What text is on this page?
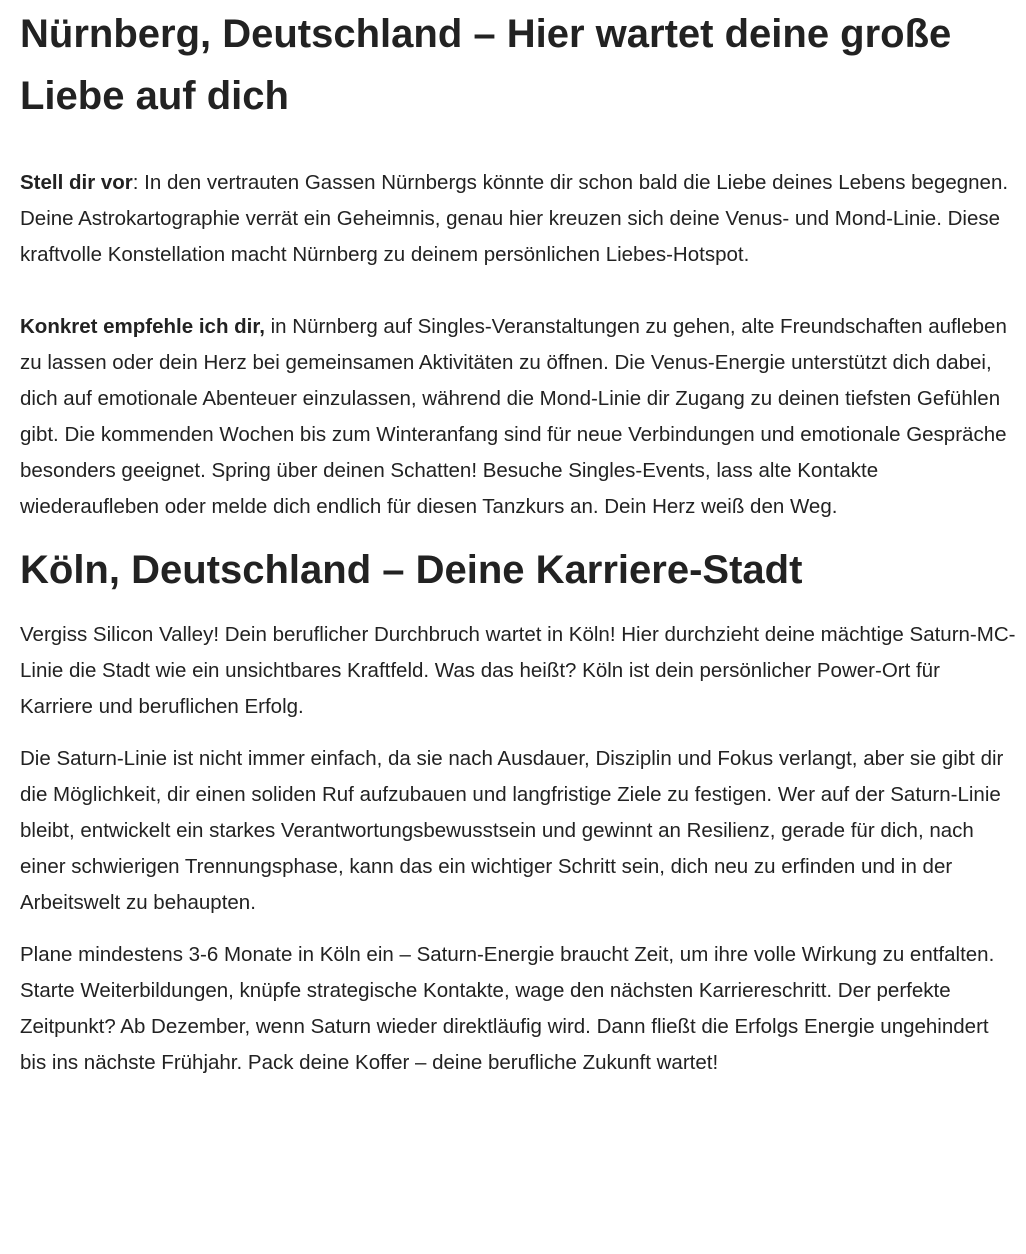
Nürnberg, Deutschland – Hier wartet deine große Liebe auf dich

Stell dir vor: In den vertrauten Gassen Nürnbergs könnte dir schon bald die Liebe deines Lebens begegnen. Deine Astrokartographie verrät ein Geheimnis, genau hier kreuzen sich deine Venus- und Mond-Linie. Diese kraftvolle Konstellation macht Nürnberg zu deinem persönlichen Liebes-Hotspot.

Konkret empfehle ich dir, in Nürnberg auf Singles-Veranstaltungen zu gehen, alte Freundschaften aufleben zu lassen oder dein Herz bei gemeinsamen Aktivitäten zu öffnen. Die Venus-Energie unterstützt dich dabei, dich auf emotionale Abenteuer einzulassen, während die Mond-Linie dir Zugang zu deinen tiefsten Gefühlen gibt. Die kommenden Wochen bis zum Winteranfang sind für neue Verbindungen und emotionale Gespräche besonders geeignet. Spring über deinen Schatten! Besuche Singles-Events, lass alte Kontakte wiederaufleben oder melde dich endlich für diesen Tanzkurs an. Dein Herz weiß den Weg.

Köln, Deutschland – Deine Karriere-Stadt

Vergiss Silicon Valley! Dein beruflicher Durchbruch wartet in Köln! Hier durchzieht deine mächtige Saturn-MC-Linie die Stadt wie ein unsichtbares Kraftfeld. Was das heißt? Köln ist dein persönlicher Power-Ort für Karriere und beruflichen Erfolg.

Die Saturn-Linie ist nicht immer einfach, da sie nach Ausdauer, Disziplin und Fokus verlangt, aber sie gibt dir die Möglichkeit, dir einen soliden Ruf aufzubauen und langfristige Ziele zu festigen. Wer auf der Saturn-Linie bleibt, entwickelt ein starkes Verantwortungsbewusstsein und gewinnt an Resilienz, gerade für dich, nach einer schwierigen Trennungsphase, kann das ein wichtiger Schritt sein, dich neu zu erfinden und in der Arbeitswelt zu behaupten.

Plane mindestens 3-6 Monate in Köln ein – Saturn-Energie braucht Zeit, um ihre volle Wirkung zu entfalten. Starte Weiterbildungen, knüpfe strategische Kontakte, wage den nächsten Karriereschritt. Der perfekte Zeitpunkt? Ab Dezember, wenn Saturn wieder direktläufig wird. Dann fließt die Erfolgs Energie ungehindert bis ins nächste Frühjahr. Pack deine Koffer – deine berufliche Zukunft wartet!
